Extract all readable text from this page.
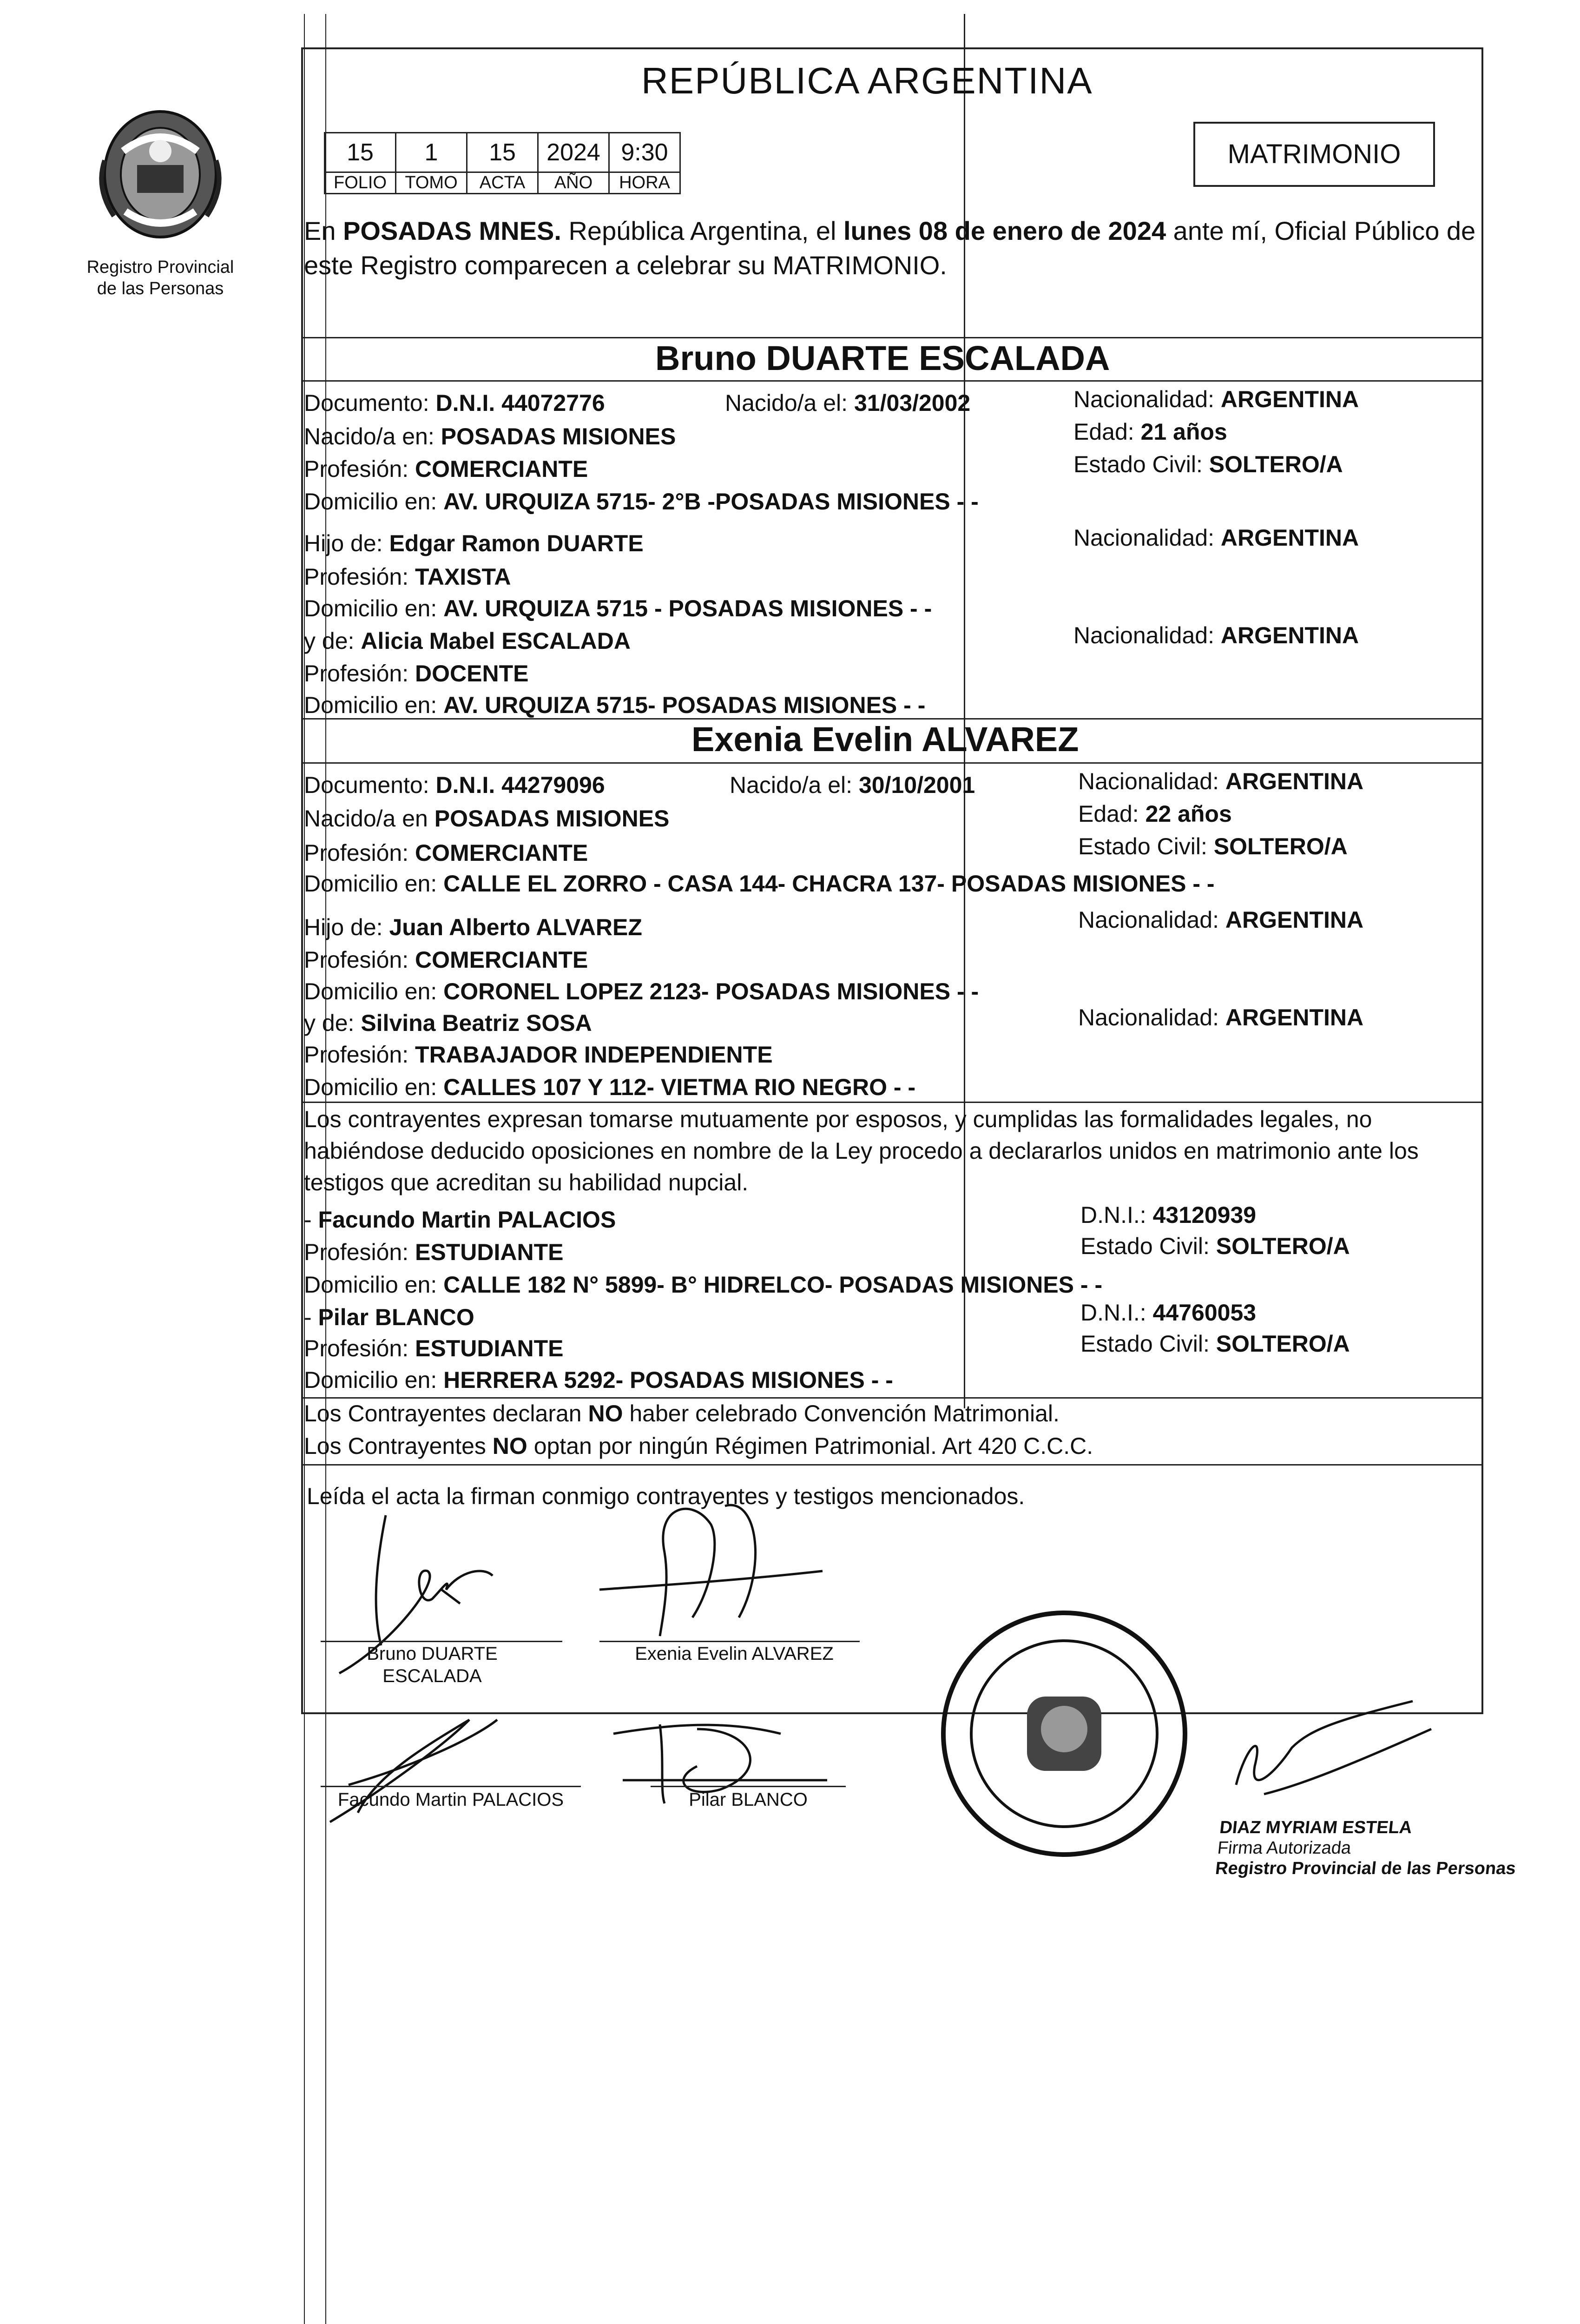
Registro Provincial
de las Personas
REPÚBLICA ARGENTINA
15	1	15	2024	9:30
FOLIO	TOMO	ACTA	AÑO	HORA
MATRIMONIO
En POSADAS MNES. República Argentina, el lunes 08 de enero de 2024 ante mí, Oficial Público de este Registro comparecen a celebrar su MATRIMONIO.
Bruno DUARTE ESCALADA
Documento: D.N.I. 44072776	Nacido/a el: 31/03/2002	Nacionalidad: ARGENTINA
Nacido/a en: POSADAS MISIONES	Edad: 21 años
Profesión: COMERCIANTE	Estado Civil: SOLTERO/A
Domicilio en: AV. URQUIZA 5715- 2°B -POSADAS MISIONES - -
Hijo de: Edgar Ramon DUARTE	Nacionalidad: ARGENTINA
Profesión: TAXISTA
Domicilio en: AV. URQUIZA 5715 - POSADAS MISIONES - -
y de: Alicia Mabel ESCALADA	Nacionalidad: ARGENTINA
Profesión: DOCENTE
Domicilio en: AV. URQUIZA 5715- POSADAS MISIONES - -
Exenia Evelin ALVAREZ
Documento: D.N.I. 44279096	Nacido/a el: 30/10/2001	Nacionalidad: ARGENTINA
Nacido/a en POSADAS MISIONES	Edad: 22 años
Profesión: COMERCIANTE	Estado Civil: SOLTERO/A
Domicilio en: CALLE EL ZORRO - CASA 144- CHACRA 137- POSADAS MISIONES - -
Hijo de: Juan Alberto ALVAREZ	Nacionalidad: ARGENTINA
Profesión: COMERCIANTE
Domicilio en: CORONEL LOPEZ 2123- POSADAS MISIONES - -
y de: Silvina Beatriz SOSA	Nacionalidad: ARGENTINA
Profesión: TRABAJADOR INDEPENDIENTE
Domicilio en: CALLES 107 Y 112- VIETMA RIO NEGRO - -
Los contrayentes expresan tomarse mutuamente por esposos, y cumplidas las formalidades legales, no habiéndose deducido oposiciones en nombre de la Ley procedo a declararlos unidos en matrimonio ante los testigos que acreditan su habilidad nupcial.
- Facundo Martin PALACIOS	D.N.I.: 43120939
Profesión: ESTUDIANTE	Estado Civil: SOLTERO/A
Domicilio en: CALLE 182 N° 5899- B° HIDRELCO- POSADAS MISIONES - -
- Pilar BLANCO	D.N.I.: 44760053
Profesión: ESTUDIANTE	Estado Civil: SOLTERO/A
Domicilio en: HERRERA 5292- POSADAS MISIONES - -
Los Contrayentes declaran NO haber celebrado Convención Matrimonial.
Los Contrayentes NO optan por ningún Régimen Patrimonial. Art 420 C.C.C.
Leída el acta la firman conmigo contrayentes y testigos mencionados.
Bruno DUARTE
ESCALADA
Exenia Evelin ALVAREZ
Facundo Martin PALACIOS	Pilar BLANCO
DIAZ MYRIAM ESTELA
Firma Autorizada
Registro Provincial de las Personas
